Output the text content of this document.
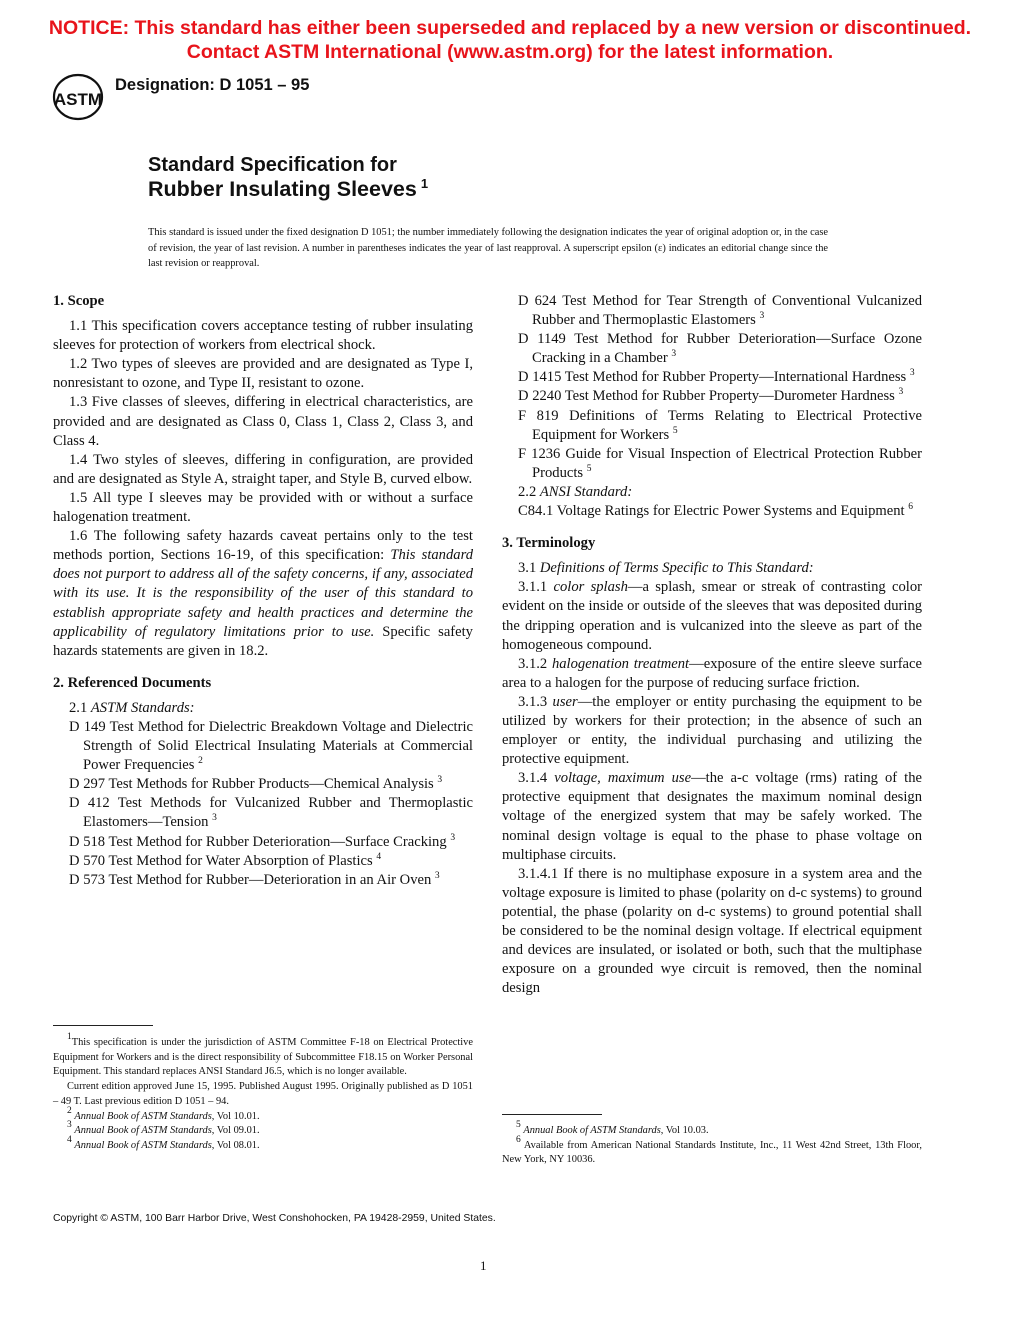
NOTICE: This standard has either been superseded and replaced by a new version or discontinued.
Contact ASTM International (www.astm.org) for the latest information.
ASTM
Designation: D 1051 – 95
Standard Specification for
Rubber Insulating Sleeves $^1$
This standard is issued under the fixed designation D 1051; the number immediately following the designation indicates the year of original adoption or, in the case of revision, the year of last revision. A number in parentheses indicates the year of last reapproval. A superscript epsilon (ε) indicates an editorial change since the last revision or reapproval.

1. Scope

1.1 This specification covers acceptance testing of rubber insulating sleeves for protection of workers from electrical shock.

1.2 Two types of sleeves are provided and are designated as Type I, nonresistant to ozone, and Type II, resistant to ozone.

1.3 Five classes of sleeves, differing in electrical characteristics, are provided and are designated as Class 0, Class 1, Class 2, Class 3, and Class 4.

1.4 Two styles of sleeves, differing in configuration, are provided and are designated as Style A, straight taper, and Style B, curved elbow.

1.5 All type I sleeves may be provided with or without a surface halogenation treatment.

1.6 The following safety hazards caveat pertains only to the test methods portion, Sections 16-19, of this specification: This standard does not purport to address all of the safety concerns, if any, associated with its use. It is the responsibility of the user of this standard to establish appropriate safety and health practices and determine the applicability of regulatory limitations prior to use. Specific safety hazards statements are given in 18.2.

2. Referenced Documents

2.1 ASTM Standards:

D 149 Test Method for Dielectric Breakdown Voltage and Dielectric Strength of Solid Electrical Insulating Materials at Commercial Power Frequencies $^2$

D 297 Test Methods for Rubber Products—Chemical Analysis $^3$

D 412 Test Methods for Vulcanized Rubber and Thermoplastic Elastomers—Tension $^3$

D 518 Test Method for Rubber Deterioration—Surface Cracking $^3$

D 570 Test Method for Water Absorption of Plastics $^4$

D 573 Test Method for Rubber—Deterioration in an Air Oven $^3$

D 624 Test Method for Tear Strength of Conventional Vulcanized Rubber and Thermoplastic Elastomers $^3$

D 1149 Test Method for Rubber Deterioration—Surface Ozone Cracking in a Chamber $^3$

D 1415 Test Method for Rubber Property—International Hardness $^3$

D 2240 Test Method for Rubber Property—Durometer Hardness $^3$

F 819 Definitions of Terms Relating to Electrical Protective Equipment for Workers $^5$

F 1236 Guide for Visual Inspection of Electrical Protection Rubber Products $^5$

2.2 ANSI Standard:

C84.1 Voltage Ratings for Electric Power Systems and Equipment $^6$

3. Terminology

3.1 Definitions of Terms Specific to This Standard:

3.1.1 color splash—a splash, smear or streak of contrasting color evident on the inside or outside of the sleeves that was deposited during the dripping operation and is vulcanized into the sleeve as part of the homogeneous compound.

3.1.2 halogenation treatment—exposure of the entire sleeve surface area to a halogen for the purpose of reducing surface friction.

3.1.3 user—the employer or entity purchasing the equipment to be utilized by workers for their protection; in the absence of such an employer or entity, the individual purchasing and utilizing the protective equipment.

3.1.4 voltage, maximum use—the a-c voltage (rms) rating of the protective equipment that designates the maximum nominal design voltage of the energized system that may be safely worked. The nominal design voltage is equal to the phase to phase voltage on multiphase circuits.

3.1.4.1 If there is no multiphase exposure in a system area and the voltage exposure is limited to phase (polarity on d-c systems) to ground potential, the phase (polarity on d-c systems) to ground potential shall be considered to be the nominal design voltage. If electrical equipment and devices are insulated, or isolated or both, such that the multiphase exposure on a grounded wye circuit is removed, then the nominal design

$^1$This specification is under the jurisdiction of ASTM Committee F-18 on Electrical Protective Equipment for Workers and is the direct responsibility of Subcommittee F18.15 on Worker Personal Equipment. This standard replaces ANSI Standard J6.5, which is no longer available.

Current edition approved June 15, 1995. Published August 1995. Originally published as D 1051 – 49 T. Last previous edition D 1051 – 94.

$^2$ Annual Book of ASTM Standards, Vol 10.01.

$^3$ Annual Book of ASTM Standards, Vol 09.01.

$^4$ Annual Book of ASTM Standards, Vol 08.01.

$^5$ Annual Book of ASTM Standards, Vol 10.03.

$^6$ Available from American National Standards Institute, Inc., 11 West 42nd Street, 13th Floor, New York, NY 10036.

Copyright © ASTM, 100 Barr Harbor Drive, West Conshohocken, PA 19428-2959, United States.
1
